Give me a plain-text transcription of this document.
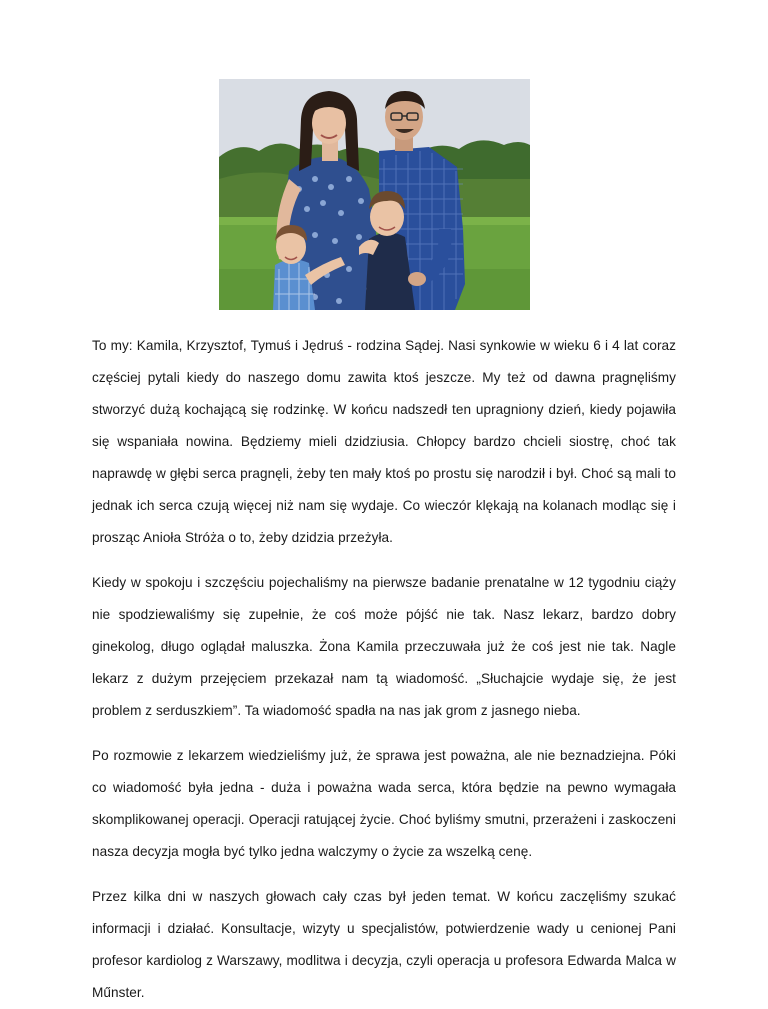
To my: Kamila, Krzysztof, Tymuś i Jędruś - rodzina Sądej. Nasi synkowie w wieku 6 i 4 lat coraz częściej pytali kiedy do naszego domu zawita ktoś jeszcze. My też od dawna pragnęliśmy stworzyć dużą kochającą się rodzinkę. W końcu nadszedł ten upragniony dzień, kiedy pojawiła się wspaniała nowina. Będziemy mieli dzidziusia. Chłopcy bardzo chcieli siostrę, choć tak naprawdę w głębi serca pragnęli, żeby ten mały ktoś po prostu się narodził i był. Choć są mali to jednak ich serca czują więcej niż nam się wydaje. Co wieczór klękają na kolanach modląc się i prosząc Anioła Stróża o to, żeby dzidzia przeżyła.

Kiedy w spokoju i szczęściu pojechaliśmy na pierwsze badanie prenatalne w 12 tygodniu ciąży nie spodziewaliśmy się zupełnie, że coś może pójść nie tak. Nasz lekarz, bardzo dobry ginekolog, długo oglądał maluszka. Żona Kamila przeczuwała już że coś jest nie tak. Nagle lekarz z dużym przejęciem przekazał nam tą wiadomość. „Słuchajcie wydaje się, że jest problem z serduszkiem”. Ta wiadomość spadła na nas jak grom z jasnego nieba.

Po rozmowie z lekarzem wiedzieliśmy już, że sprawa jest poważna, ale nie beznadziejna. Póki co wiadomość była jedna - duża i poważna wada serca, która będzie na pewno wymagała skomplikowanej operacji. Operacji ratującej życie. Choć byliśmy smutni, przerażeni i zaskoczeni nasza decyzja mogła być tylko jedna walczymy o życie za wszelką cenę.

Przez kilka dni w naszych głowach cały czas był jeden temat. W końcu zaczęliśmy szukać informacji i działać. Konsultacje, wizyty u specjalistów, potwierdzenie wady u cenionej Pani profesor kardiolog z Warszawy, modlitwa i decyzja, czyli operacja u profesora Edwarda Malca w Műnster.
